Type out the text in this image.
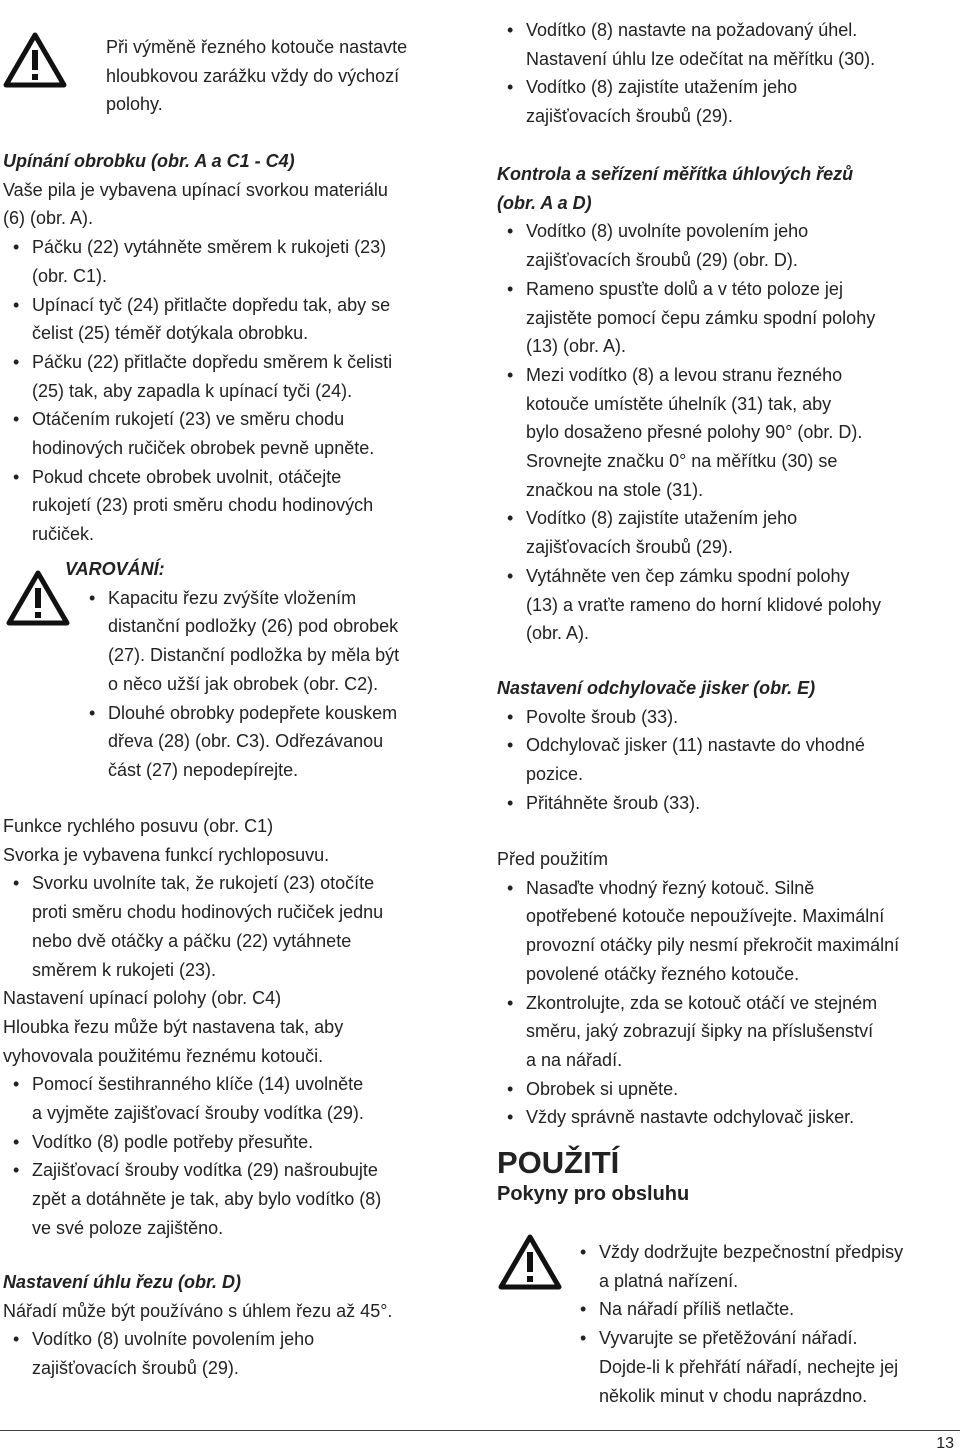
Při výměně řezného kotouče nastavte
hloubkovou zarážku vždy do výchozí
polohy.
Upínání obrobku (obr. A a C1 - C4)
Vaše pila je vybavena upínací svorkou materiálu
(6) (obr. A).
• Páčku (22) vytáhněte směrem k rukojeti (23)
(obr. C1).
• Upínací tyč (24) přitlačte dopředu tak, aby se
čelist (25) téměř dotýkala obrobku.
• Páčku (22) přitlačte dopředu směrem k čelisti
(25) tak, aby zapadla k upínací tyči (24).
• Otáčením rukojetí (23) ve směru chodu
hodinových ručiček obrobek pevně upněte.
• Pokud chcete obrobek uvolnit, otáčejte
rukojetí (23) proti směru chodu hodinových
ručiček.
VAROVÁNÍ:
• Kapacitu řezu zvýšíte vložením
distanční podložky (26) pod obrobek
(27). Distanční podložka by měla být
o něco užší jak obrobek (obr. C2).
• Dlouhé obrobky podepřete kouskem
dřeva (28) (obr. C3). Odřezávanou
část (27) nepodepírejte.
Funkce rychlého posuvu (obr. C1)
Svorka je vybavena funkcí rychloposuvu.
• Svorku uvolníte tak, že rukojetí (23) otočíte
proti směru chodu hodinových ručiček jednu
nebo dvě otáčky a páčku (22) vytáhnete
směrem k rukojeti (23).
Nastavení upínací polohy (obr. C4)
Hloubka řezu může být nastavena tak, aby
vyhovovala použitému řeznému kotouči.
• Pomocí šestihranného klíče (14) uvolněte
a vyjměte zajišťovací šrouby vodítka (29).
• Vodítko (8) podle potřeby přesuňte.
• Zajišťovací šrouby vodítka (29) našroubujte
zpět a dotáhněte je tak, aby bylo vodítko (8)
ve své poloze zajištěno.
Nastavení úhlu řezu (obr. D)
Nářadí může být používáno s úhlem řezu až 45°.
• Vodítko (8) uvolníte povolením jeho
zajišťovacích šroubů (29).
• Vodítko (8) nastavte na požadovaný úhel.
Nastavení úhlu lze odečítat na měřítku (30).
• Vodítko (8) zajistíte utažením jeho
zajišťovacích šroubů (29).
Kontrola a seřízení měřítka úhlových řezů
(obr. A a D)
• Vodítko (8) uvolníte povolením jeho
zajišťovacích šroubů (29) (obr. D).
• Rameno spusťte dolů a v této poloze jej
zajistěte pomocí čepu zámku spodní polohy
(13) (obr. A).
• Mezi vodítko (8) a levou stranu řezného
kotouče umístěte úhelník (31) tak, aby
bylo dosaženo přesné polohy 90° (obr. D).
Srovnejte značku 0° na měřítku (30) se
značkou na stole (31).
• Vodítko (8) zajistíte utažením jeho
zajišťovacích šroubů (29).
• Vytáhněte ven čep zámku spodní polohy
(13) a vraťte rameno do horní klidové polohy
(obr. A).
Nastavení odchylovače jisker (obr. E)
• Povolte šroub (33).
• Odchylovač jisker (11) nastavte do vhodné
pozice.
• Přitáhněte šroub (33).
Před použitím
• Nasaďte vhodný řezný kotouč. Silně
opotřebené kotouče nepoužívejte. Maximální
provozní otáčky pily nesmí překročit maximální
povolené otáčky řezného kotouče.
• Zkontrolujte, zda se kotouč otáčí ve stejném
směru, jaký zobrazují šipky na příslušenství
a na nářadí.
• Obrobek si upněte.
• Vždy správně nastavte odchylovač jisker.
POUŽITÍ
Pokyny pro obsluhu
• Vždy dodržujte bezpečnostní předpisy
a platná nařízení.
• Na nářadí příliš netlačte.
• Vyvarujte se přetěžování nářadí.
Dojde-li k přehřátí nářadí, nechejte jej
několik minut v chodu naprázdno.
13
